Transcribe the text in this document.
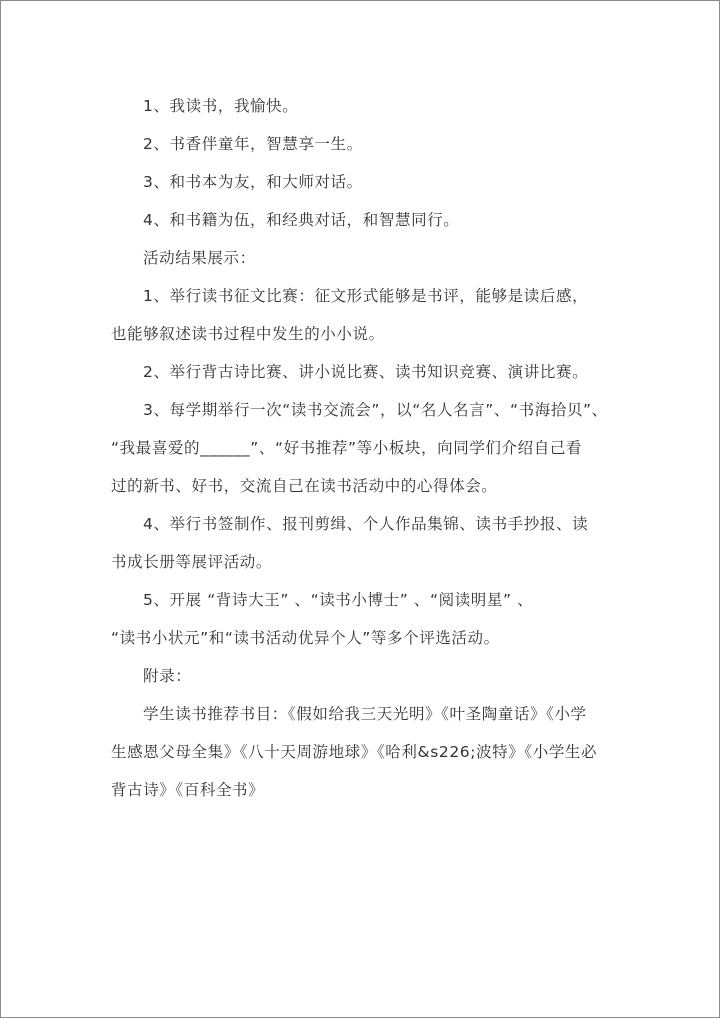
1、我读书，我愉快。
2、书香伴童年，智慧享一生。
3、和书本为友，和大师对话。
4、和书籍为伍，和经典对话，和智慧同行。
活动结果展示：
1、举行读书征文比赛：征文形式能够是书评，能够是读后感，
也能够叙述读书过程中发生的小小说。
2、举行背古诗比赛、讲小说比赛、读书知识竞赛、演讲比赛。
3、每学期举行一次“读书交流会”，以“名人名言”、“书海拾贝”、
“我最喜爱的______”、“好书推荐”等小板块，向同学们介绍自己看
过的新书、好书，交流自己在读书活动中的心得体会。
4、举行书签制作、报刊剪缉、个人作品集锦、读书手抄报、读
书成长册等展评活动。
5、开展 “背诗大王” 、“读书小博士” 、“阅读明星” 、
“读书小状元”和“读书活动优异个人”等多个评选活动。
附录：
学生读书推荐书目：《假如给我三天光明》《叶圣陶童话》《小学
生感恩父母全集》《八十天周游地球》《哈利&s226;波特》《小学生必
背古诗》《百科全书》
